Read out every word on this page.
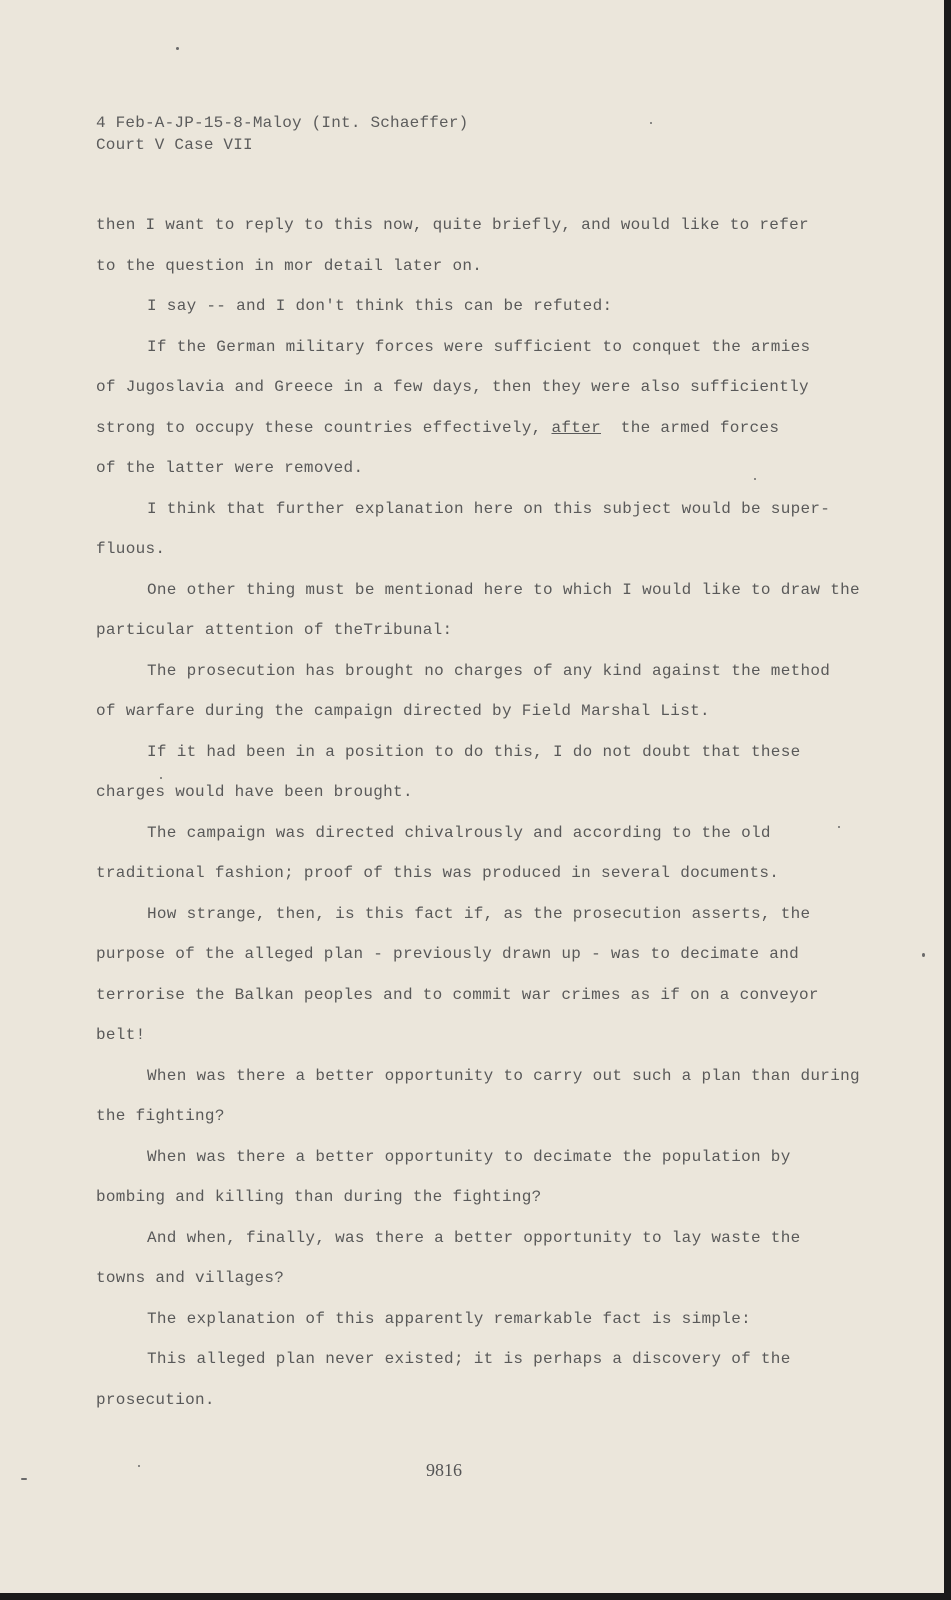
4 Feb-A-JP-15-8-Maloy (Int. Schaeffer)
Court V Case VII
then I want to reply to this now, quite briefly, and would like to refer
to the question in mor detail later on.
I say -- and I don't think this can be refuted:
If the German military forces were sufficient to conquet the armies
of Jugoslavia and Greece in a few days, then they were also sufficiently
strong to occupy these countries effectively, after  the armed forces
of the latter were removed.
I think that further explanation here on this subject would be super-
fluous.
One other thing must be mentionad here to which I would like to draw the
particular attention of theTribunal:
The prosecution has brought no charges of any kind against the method
of warfare during the campaign directed by Field Marshal List.
If it had been in a position to do this, I do not doubt that these
charges would have been brought.
The campaign was directed chivalrously and according to the old
traditional fashion; proof of this was produced in several documents.
How strange, then, is this fact if, as the prosecution asserts, the
purpose of the alleged plan - previously drawn up - was to decimate and
terrorise the Balkan peoples and to commit war crimes as if on a conveyor
belt!
When was there a better opportunity to carry out such a plan than during
the fighting?
When was there a better opportunity to decimate the population by
bombing and killing than during the fighting?
And when, finally, was there a better opportunity to lay waste the
towns and villages?
The explanation of this apparently remarkable fact is simple:
This alleged plan never existed; it is perhaps a discovery of the
prosecution.
9816
